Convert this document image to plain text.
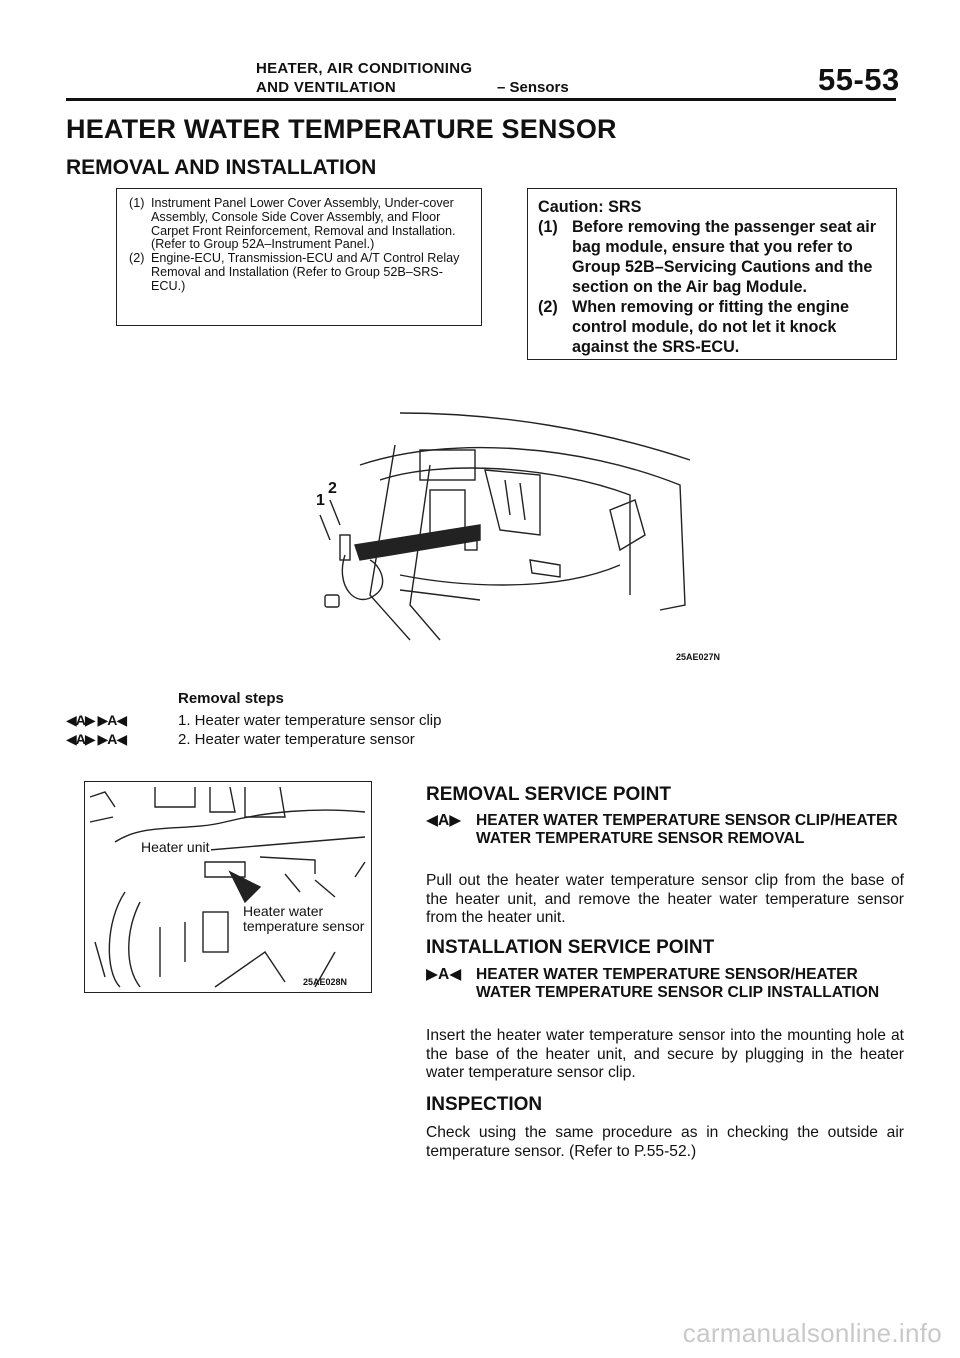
HEATER, AIR CONDITIONING
AND VENTILATION	– Sensors	55-53
HEATER WATER TEMPERATURE SENSOR
REMOVAL AND INSTALLATION
(1) Instrument Panel Lower Cover Assembly, Under-cover Assembly, Console Side Cover Assembly, and Floor Carpet Front Reinforcement, Removal and Installation. (Refer to Group 52A–Instrument Panel.)
(2) Engine-ECU, Transmission-ECU and A/T Control Relay Removal and Installation (Refer to Group 52B–SRS-ECU.)
Caution: SRS
(1) Before removing the passenger seat air bag module, ensure that you refer to Group 52B–Servicing Cautions and the section on the Air bag Module.
(2) When removing or fitting the engine control module, do not let it knock against the SRS-ECU.
1
2
25AE027N
Removal steps
◀A▶ ▶A◀	1. Heater water temperature sensor clip
◀A▶ ▶A◀	2. Heater water temperature sensor
Heater unit
Heater water
temperature sensor
25AE028N
REMOVAL SERVICE POINT
◀A▶ HEATER WATER TEMPERATURE SENSOR CLIP/HEATER WATER TEMPERATURE SENSOR REMOVAL
Pull out the heater water temperature sensor clip from the base of the heater unit, and remove the heater water temperature sensor from the heater unit.
INSTALLATION SERVICE POINT
▶A◀ HEATER WATER TEMPERATURE SENSOR/HEATER WATER TEMPERATURE SENSOR CLIP INSTALLATION
Insert the heater water temperature sensor into the mounting hole at the base of the heater unit, and secure by plugging in the heater water temperature sensor clip.
INSPECTION
Check using the same procedure as in checking the outside air temperature sensor. (Refer to P.55-52.)
carmanualsonline.info
